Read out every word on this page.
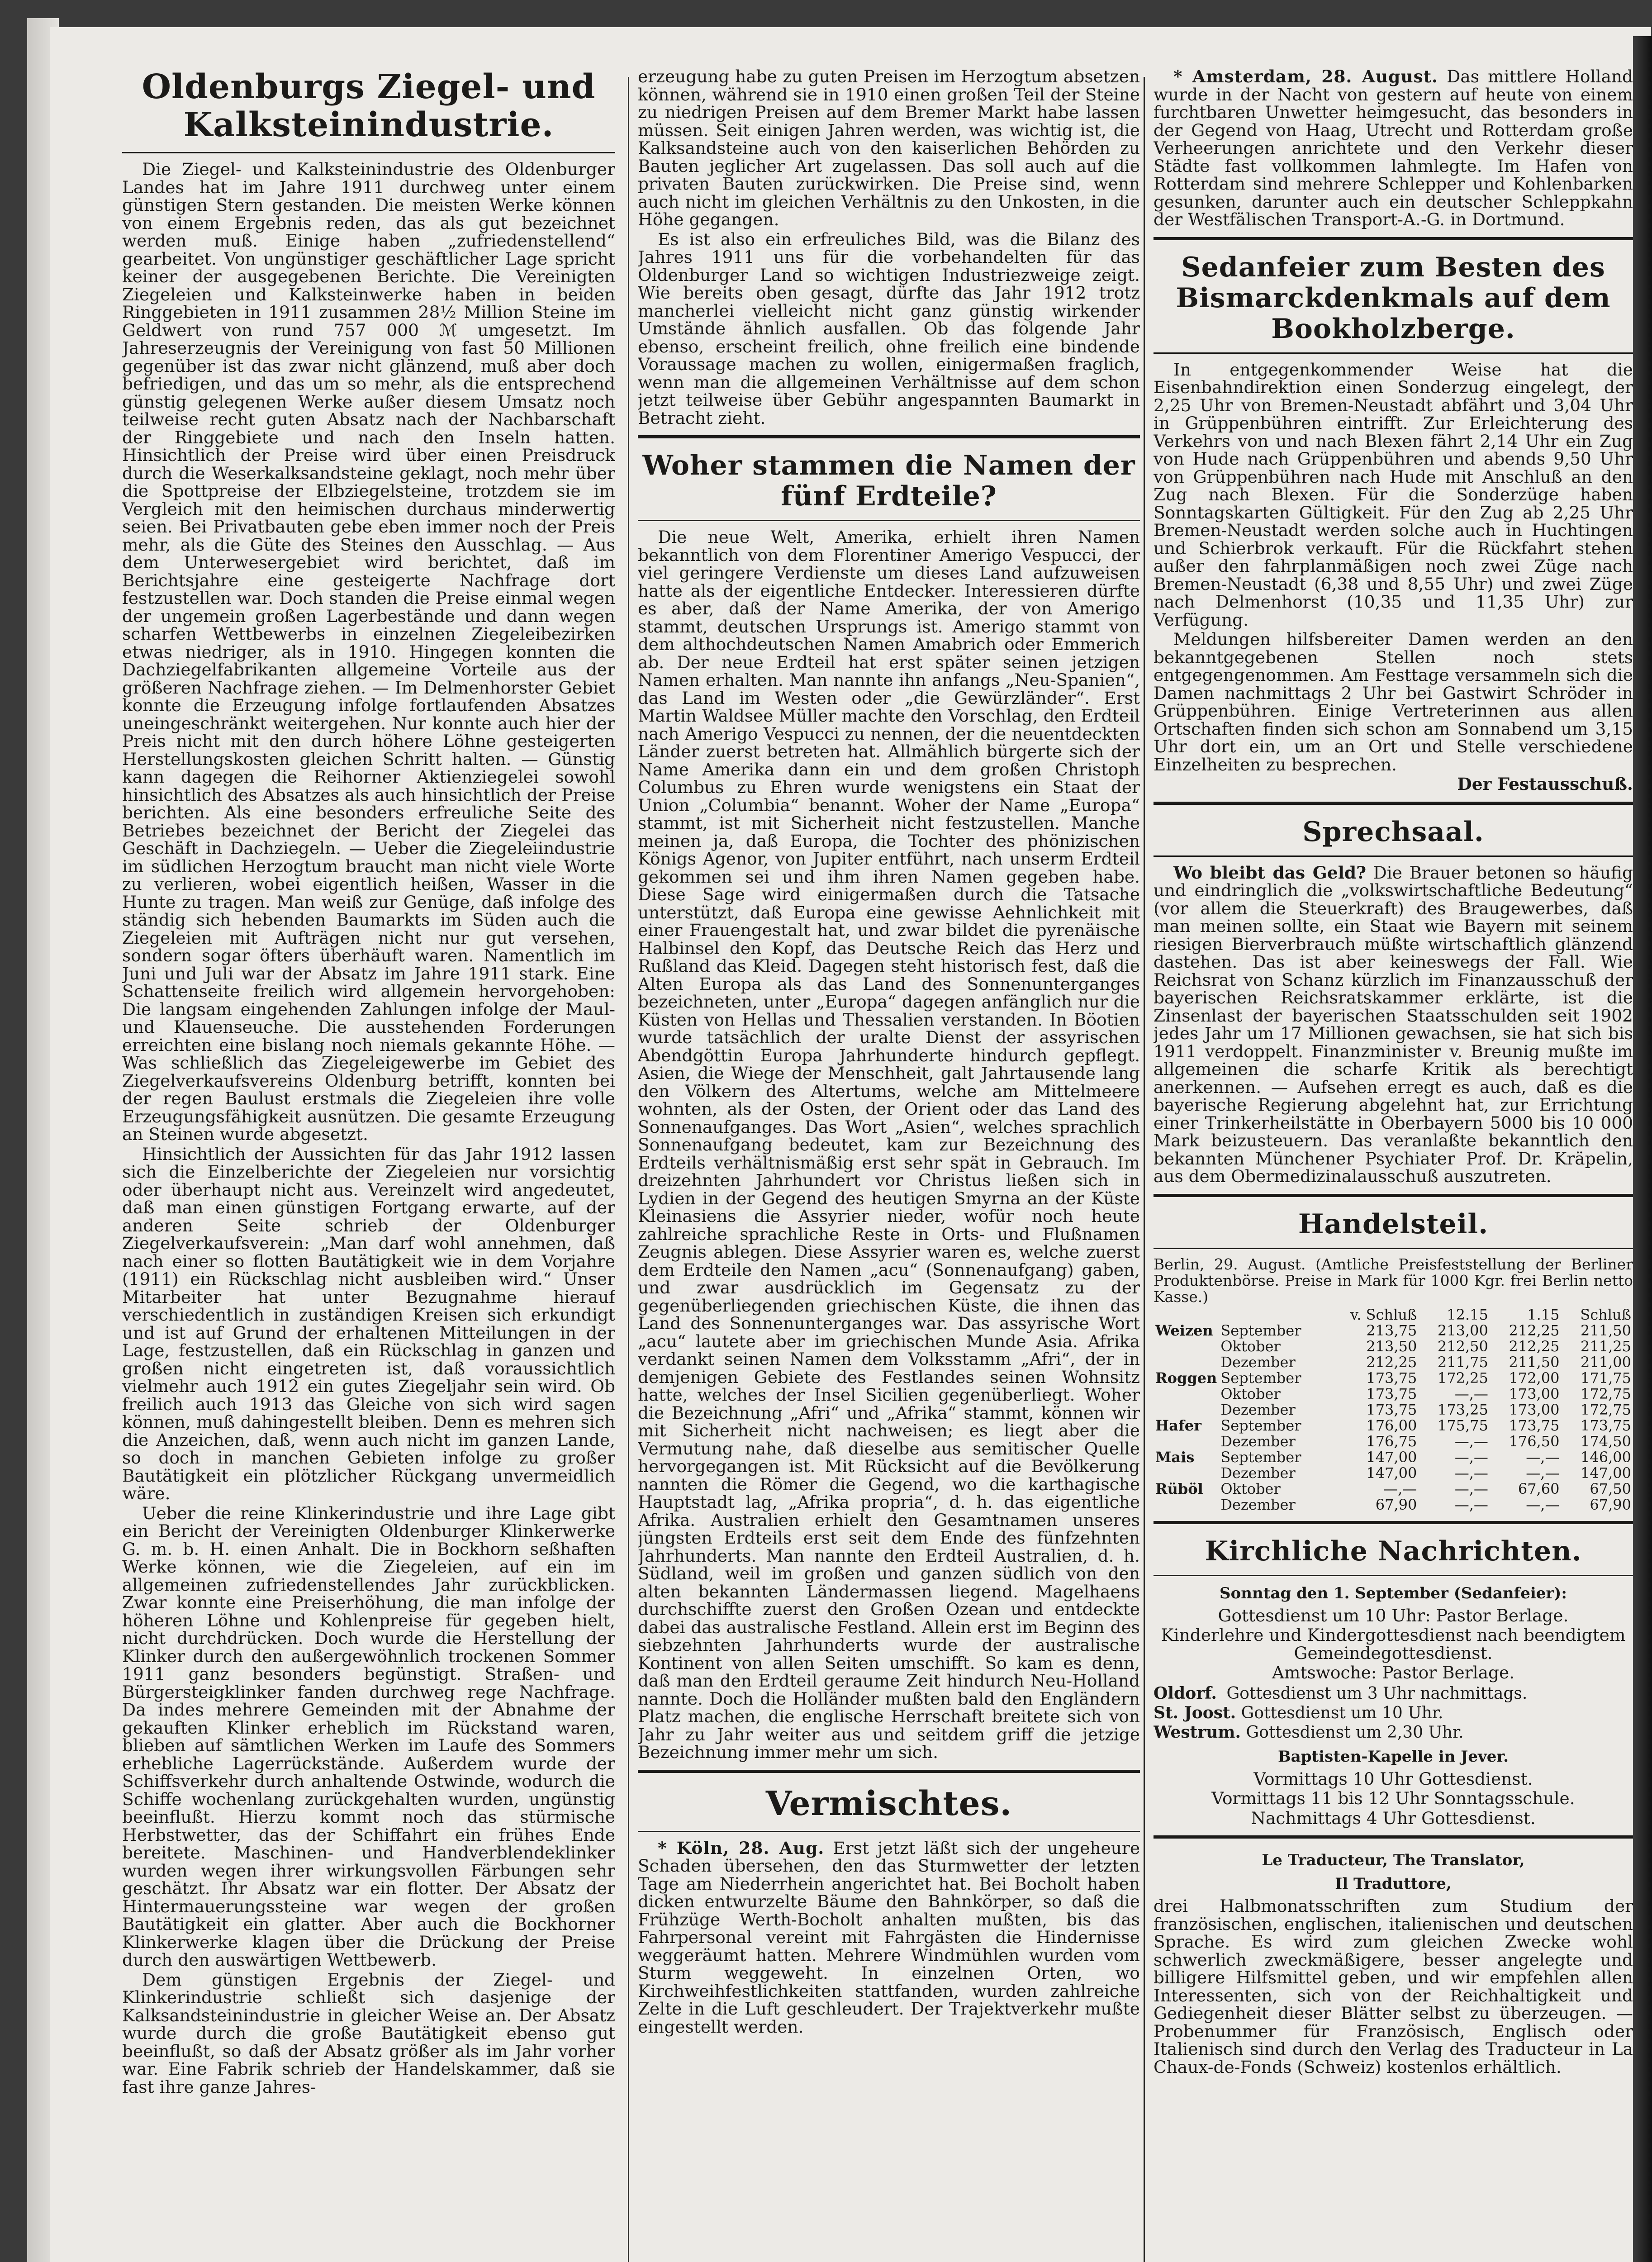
Oldenburgs Ziegel- und Kalksteinindustrie.

Die Ziegel- und Kalksteinindustrie des Oldenburger Landes hat im Jahre 1911 durchweg unter einem günstigen Stern gestanden. Die meisten Werke können von einem Ergebnis reden, das als gut bezeichnet werden muß. Einige haben „zufriedenstellend“ gearbeitet. Von ungünstiger geschäftlicher Lage spricht keiner der ausgegebenen Berichte. Die Vereinigten Ziegeleien und Kalksteinwerke haben in beiden Ringgebieten in 1911 zusammen 28½ Million Steine im Geldwert von rund 757 000 ℳ umgesetzt. Im Jahreserzeugnis der Vereinigung von fast 50 Millionen gegenüber ist das zwar nicht glänzend, muß aber doch befriedigen, und das um so mehr, als die entsprechend günstig gelegenen Werke außer diesem Umsatz noch teilweise recht guten Absatz nach der Nachbarschaft der Ringgebiete und nach den Inseln hatten. Hinsichtlich der Preise wird über einen Preisdruck durch die Weserkalksandsteine geklagt, noch mehr über die Spottpreise der Elbziegelsteine, trotzdem sie im Vergleich mit den heimischen durchaus minderwertig seien. Bei Privatbauten gebe eben immer noch der Preis mehr, als die Güte des Steines den Ausschlag. — Aus dem Unterwesergebiet wird berichtet, daß im Berichtsjahre eine gesteigerte Nachfrage dort festzustellen war. Doch standen die Preise einmal wegen der ungemein großen Lagerbestände und dann wegen scharfen Wettbewerbs in einzelnen Ziegeleibezirken etwas niedriger, als in 1910. Hingegen konnten die Dachziegelfabrikanten allgemeine Vorteile aus der größeren Nachfrage ziehen. — Im Delmenhorster Gebiet konnte die Erzeugung infolge fortlaufenden Absatzes uneingeschränkt weitergehen. Nur konnte auch hier der Preis nicht mit den durch höhere Löhne gesteigerten Herstellungskosten gleichen Schritt halten. — Günstig kann dagegen die Reihorner Aktienziegelei sowohl hinsichtlich des Absatzes als auch hinsichtlich der Preise berichten. Als eine besonders erfreuliche Seite des Betriebes bezeichnet der Bericht der Ziegelei das Geschäft in Dachziegeln. — Ueber die Ziegeleiindustrie im südlichen Herzogtum braucht man nicht viele Worte zu verlieren, wobei eigentlich heißen, Wasser in die Hunte zu tragen. Man weiß zur Genüge, daß infolge des ständig sich hebenden Baumarkts im Süden auch die Ziegeleien mit Aufträgen nicht nur gut versehen, sondern sogar öfters überhäuft waren. Namentlich im Juni und Juli war der Absatz im Jahre 1911 stark. Eine Schattenseite freilich wird allgemein hervorgehoben: Die langsam eingehenden Zahlungen infolge der Maul- und Klauenseuche. Die ausstehenden Forderungen erreichten eine bislang noch niemals gekannte Höhe. — Was schließlich das Ziegeleigewerbe im Gebiet des Ziegelverkaufsvereins Oldenburg betrifft, konnten bei der regen Baulust erstmals die Ziegeleien ihre volle Erzeugungsfähigkeit ausnützen. Die gesamte Erzeugung an Steinen wurde abgesetzt.

Hinsichtlich der Aussichten für das Jahr 1912 lassen sich die Einzelberichte der Ziegeleien nur vorsichtig oder überhaupt nicht aus. Vereinzelt wird angedeutet, daß man einen günstigen Fortgang erwarte, auf der anderen Seite schrieb der Oldenburger Ziegelverkaufsverein: „Man darf wohl annehmen, daß nach einer so flotten Bautätigkeit wie in dem Vorjahre (1911) ein Rückschlag nicht ausbleiben wird.“ Unser Mitarbeiter hat unter Bezugnahme hierauf verschiedentlich in zuständigen Kreisen sich erkundigt und ist auf Grund der erhaltenen Mitteilungen in der Lage, festzustellen, daß ein Rückschlag in ganzen und großen nicht eingetreten ist, daß voraussichtlich vielmehr auch 1912 ein gutes Ziegeljahr sein wird. Ob freilich auch 1913 das Gleiche von sich wird sagen können, muß dahingestellt bleiben. Denn es mehren sich die Anzeichen, daß, wenn auch nicht im ganzen Lande, so doch in manchen Gebieten infolge zu großer Bautätigkeit ein plötzlicher Rückgang unvermeidlich wäre.

Ueber die reine Klinkerindustrie und ihre Lage gibt ein Bericht der Vereinigten Oldenburger Klinkerwerke G. m. b. H. einen Anhalt. Die in Bockhorn seßhaften Werke können, wie die Ziegeleien, auf ein im allgemeinen zufriedenstellendes Jahr zurückblicken. Zwar konnte eine Preiserhöhung, die man infolge der höheren Löhne und Kohlenpreise für gegeben hielt, nicht durchdrücken. Doch wurde die Herstellung der Klinker durch den außergewöhnlich trockenen Sommer 1911 ganz besonders begünstigt. Straßen- und Bürgersteigklinker fanden durchweg rege Nachfrage. Da indes mehrere Gemeinden mit der Abnahme der gekauften Klinker erheblich im Rückstand waren, blieben auf sämtlichen Werken im Laufe des Sommers erhebliche Lagerrückstände. Außerdem wurde der Schiffsverkehr durch anhaltende Ostwinde, wodurch die Schiffe wochenlang zurückgehalten wurden, ungünstig beeinflußt. Hierzu kommt noch das stürmische Herbstwetter, das der Schiffahrt ein frühes Ende bereitete. Maschinen- und Handverblendeklinker wurden wegen ihrer wirkungsvollen Färbungen sehr geschätzt. Ihr Absatz war ein flotter. Der Absatz der Hintermauerungssteine war wegen der großen Bautätigkeit ein glatter. Aber auch die Bockhorner Klinkerwerke klagen über die Drückung der Preise durch den auswärtigen Wettbewerb.

Dem günstigen Ergebnis der Ziegel- und Klinkerindustrie schließt sich dasjenige der Kalksandsteinindustrie in gleicher Weise an. Der Absatz wurde durch die große Bautätigkeit ebenso gut beeinflußt, so daß der Absatz größer als im Jahr vorher war. Eine Fabrik schrieb der Handelskammer, daß sie fast ihre ganze Jahres-

erzeugung habe zu guten Preisen im Herzogtum absetzen können, während sie in 1910 einen großen Teil der Steine zu niedrigen Preisen auf dem Bremer Markt habe lassen müssen. Seit einigen Jahren werden, was wichtig ist, die Kalksandsteine auch von den kaiserlichen Behörden zu Bauten jeglicher Art zugelassen. Das soll auch auf die privaten Bauten zurückwirken. Die Preise sind, wenn auch nicht im gleichen Verhältnis zu den Unkosten, in die Höhe gegangen.

Es ist also ein erfreuliches Bild, was die Bilanz des Jahres 1911 uns für die vorbehandelten für das Oldenburger Land so wichtigen Industriezweige zeigt. Wie bereits oben gesagt, dürfte das Jahr 1912 trotz mancherlei vielleicht nicht ganz günstig wirkender Umstände ähnlich ausfallen. Ob das folgende Jahr ebenso, erscheint freilich, ohne freilich eine bindende Voraussage machen zu wollen, einigermaßen fraglich, wenn man die allgemeinen Verhältnisse auf dem schon jetzt teilweise über Gebühr angespannten Baumarkt in Betracht zieht.

Woher stammen die Namen der fünf Erdteile?

Die neue Welt, Amerika, erhielt ihren Namen bekanntlich von dem Florentiner Amerigo Vespucci, der viel geringere Verdienste um dieses Land aufzuweisen hatte als der eigentliche Entdecker. Interessieren dürfte es aber, daß der Name Amerika, der von Amerigo stammt, deutschen Ursprungs ist. Amerigo stammt von dem althochdeutschen Namen Amabrich oder Emmerich ab. Der neue Erdteil hat erst später seinen jetzigen Namen erhalten. Man nannte ihn anfangs „Neu-Spanien“, das Land im Westen oder „die Gewürzländer“. Erst Martin Waldsee Müller machte den Vorschlag, den Erdteil nach Amerigo Vespucci zu nennen, der die neuentdeckten Länder zuerst betreten hat. Allmählich bürgerte sich der Name Amerika dann ein und dem großen Christoph Columbus zu Ehren wurde wenigstens ein Staat der Union „Columbia“ benannt. Woher der Name „Europa“ stammt, ist mit Sicherheit nicht festzustellen. Manche meinen ja, daß Europa, die Tochter des phönizischen Königs Agenor, von Jupiter entführt, nach unserm Erdteil gekommen sei und ihm ihren Namen gegeben habe. Diese Sage wird einigermaßen durch die Tatsache unterstützt, daß Europa eine gewisse Aehnlichkeit mit einer Frauengestalt hat, und zwar bildet die pyrenäische Halbinsel den Kopf, das Deutsche Reich das Herz und Rußland das Kleid. Dagegen steht historisch fest, daß die Alten Europa als das Land des Sonnenunterganges bezeichneten, unter „Europa“ dagegen anfänglich nur die Küsten von Hellas und Thessalien verstanden. In Böotien wurde tatsächlich der uralte Dienst der assyrischen Abendgöttin Europa Jahrhunderte hindurch gepflegt. Asien, die Wiege der Menschheit, galt Jahrtausende lang den Völkern des Altertums, welche am Mittelmeere wohnten, als der Osten, der Orient oder das Land des Sonnenaufganges. Das Wort „Asien“, welches sprachlich Sonnenaufgang bedeutet, kam zur Bezeichnung des Erdteils verhältnismäßig erst sehr spät in Gebrauch. Im dreizehnten Jahrhundert vor Christus ließen sich in Lydien in der Gegend des heutigen Smyrna an der Küste Kleinasiens die Assyrier nieder, wofür noch heute zahlreiche sprachliche Reste in Orts- und Flußnamen Zeugnis ablegen. Diese Assyrier waren es, welche zuerst dem Erdteile den Namen „acu“ (Sonnenaufgang) gaben, und zwar ausdrücklich im Gegensatz zu der gegenüberliegenden griechischen Küste, die ihnen das Land des Sonnenunterganges war. Das assyrische Wort „acu“ lautete aber im griechischen Munde Asia. Afrika verdankt seinen Namen dem Volksstamm „Afri“, der in demjenigen Gebiete des Festlandes seinen Wohnsitz hatte, welches der Insel Sicilien gegenüberliegt. Woher die Bezeichnung „Afri“ und „Afrika“ stammt, können wir mit Sicherheit nicht nachweisen; es liegt aber die Vermutung nahe, daß dieselbe aus semitischer Quelle hervorgegangen ist. Mit Rücksicht auf die Bevölkerung nannten die Römer die Gegend, wo die karthagische Hauptstadt lag, „Afrika propria“, d. h. das eigentliche Afrika. Australien erhielt den Gesamtnamen unseres jüngsten Erdteils erst seit dem Ende des fünfzehnten Jahrhunderts. Man nannte den Erdteil Australien, d. h. Südland, weil im großen und ganzen südlich von den alten bekannten Ländermassen liegend. Magelhaens durchschiffte zuerst den Großen Ozean und entdeckte dabei das australische Festland. Allein erst im Beginn des siebzehnten Jahrhunderts wurde der australische Kontinent von allen Seiten umschifft. So kam es denn, daß man den Erdteil geraume Zeit hindurch Neu-Holland nannte. Doch die Holländer mußten bald den Engländern Platz machen, die englische Herrschaft breitete sich von Jahr zu Jahr weiter aus und seitdem griff die jetzige Bezeichnung immer mehr um sich.

Vermischtes.

* Köln, 28. Aug. Erst jetzt läßt sich der ungeheure Schaden übersehen, den das Sturmwetter der letzten Tage am Niederrhein angerichtet hat. Bei Bocholt haben dicken entwurzelte Bäume den Bahnkörper, so daß die Frühzüge Werth-Bocholt anhalten mußten, bis das Fahrpersonal vereint mit Fahrgästen die Hindernisse weggeräumt hatten. Mehrere Windmühlen wurden vom Sturm weggeweht. In einzelnen Orten, wo Kirchweihfestlichkeiten stattfanden, wurden zahlreiche Zelte in die Luft geschleudert. Der Trajektverkehr mußte eingestellt werden.

* Amsterdam, 28. August. Das mittlere Holland wurde in der Nacht von gestern auf heute von einem furchtbaren Unwetter heimgesucht, das besonders in der Gegend von Haag, Utrecht und Rotterdam große Verheerungen anrichtete und den Verkehr dieser Städte fast vollkommen lahmlegte. Im Hafen von Rotterdam sind mehrere Schlepper und Kohlenbarken gesunken, darunter auch ein deutscher Schleppkahn der Westfälischen Transport-A.-G. in Dortmund.

Sedanfeier zum Besten des Bismarckdenkmals auf dem Bookholzberge.

In entgegenkommender Weise hat die Eisenbahndirektion einen Sonderzug eingelegt, der 2,25 Uhr von Bremen-Neustadt abfährt und 3,04 Uhr in Grüppenbühren eintrifft. Zur Erleichterung des Verkehrs von und nach Blexen fährt 2,14 Uhr ein Zug von Hude nach Grüppenbühren und abends 9,50 Uhr von Grüppenbühren nach Hude mit Anschluß an den Zug nach Blexen. Für die Sonderzüge haben Sonntagskarten Gültigkeit. Für den Zug ab 2,25 Uhr Bremen-Neustadt werden solche auch in Huchtingen und Schierbrok verkauft. Für die Rückfahrt stehen außer den fahrplanmäßigen noch zwei Züge nach Bremen-Neustadt (6,38 und 8,55 Uhr) und zwei Züge nach Delmenhorst (10,35 und 11,35 Uhr) zur Verfügung.

Meldungen hilfsbereiter Damen werden an den bekanntgegebenen Stellen noch stets entgegengenommen. Am Festtage versammeln sich die Damen nachmittags 2 Uhr bei Gastwirt Schröder in Grüppenbühren. Einige Vertreterinnen aus allen Ortschaften finden sich schon am Sonnabend um 3,15 Uhr dort ein, um an Ort und Stelle verschiedene Einzelheiten zu besprechen.

Der Festausschuß.

Sprechsaal.

Wo bleibt das Geld? Die Brauer betonen so häufig und eindringlich die „volkswirtschaftliche Bedeutung“ (vor allem die Steuerkraft) des Braugewerbes, daß man meinen sollte, ein Staat wie Bayern mit seinem riesigen Bierverbrauch müßte wirtschaftlich glänzend dastehen. Das ist aber keineswegs der Fall. Wie Reichsrat von Schanz kürzlich im Finanzausschuß der bayerischen Reichsratskammer erklärte, ist die Zinsenlast der bayerischen Staatsschulden seit 1902 jedes Jahr um 17 Millionen gewachsen, sie hat sich bis 1911 verdoppelt. Finanzminister v. Breunig mußte im allgemeinen die scharfe Kritik als berechtigt anerkennen. — Aufsehen erregt es auch, daß es die bayerische Regierung abgelehnt hat, zur Errichtung einer Trinkerheilstätte in Oberbayern 5000 bis 10 000 Mark beizusteuern. Das veranlaßte bekanntlich den bekannten Münchener Psychiater Prof. Dr. Kräpelin, aus dem Obermedizinalausschuß auszutreten.

Handelsteil.

Berlin, 29. August. (Amtliche Preisfeststellung der Berliner Produktenbörse. Preise in Mark für 1000 Kgr. frei Berlin netto Kasse.)

		v. Schluß	12.15	1.15	Schluß
Weizen	September	213,75	213,00	212,25	211,50
	Oktober	213,50	212,50	212,25	211,25
	Dezember	212,25	211,75	211,50	211,00
Roggen	September	173,75	172,25	172,00	171,75
	Oktober	173,75	—,—	173,00	172,75
	Dezember	173,75	173,25	173,00	172,75
Hafer	September	176,00	175,75	173,75	173,75
	Dezember	176,75	—,—	176,50	174,50
Mais	September	147,00	—,—	—,—	146,00
	Dezember	147,00	—,—	—,—	147,00
Rüböl	Oktober	—,—	—,—	67,60	67,50
	Dezember	67,90	—,—	—,—	67,90
Kirchliche Nachrichten.
Sonntag den 1. September (Sedanfeier):

Gottesdienst um 10 Uhr: Pastor Berlage.

Kinderlehre und Kindergottesdienst nach beendigtem Gemeindegottesdienst.

Amtswoche: Pastor Berlage.

Oldorf. Gottesdienst um 3 Uhr nachmittags.
St. Joost. Gottesdienst um 10 Uhr.
Westrum. Gottesdienst um 2,30 Uhr.
Baptisten-Kapelle in Jever.

Vormittags 10 Uhr Gottesdienst.

Vormittags 11 bis 12 Uhr Sonntagsschule.

Nachmittags 4 Uhr Gottesdienst.

Le Traducteur, The Translator,
Il Traduttore,

drei Halbmonatsschriften zum Studium der französischen, englischen, italienischen und deutschen Sprache. Es wird zum gleichen Zwecke wohl schwerlich zweckmäßigere, besser angelegte und billigere Hilfsmittel geben, und wir empfehlen allen Interessenten, sich von der Reichhaltigkeit und Gediegenheit dieser Blätter selbst zu überzeugen. — Probenummer für Französisch, Englisch oder Italienisch sind durch den Verlag des Traducteur in La Chaux-de-Fonds (Schweiz) kostenlos erhältlich.
